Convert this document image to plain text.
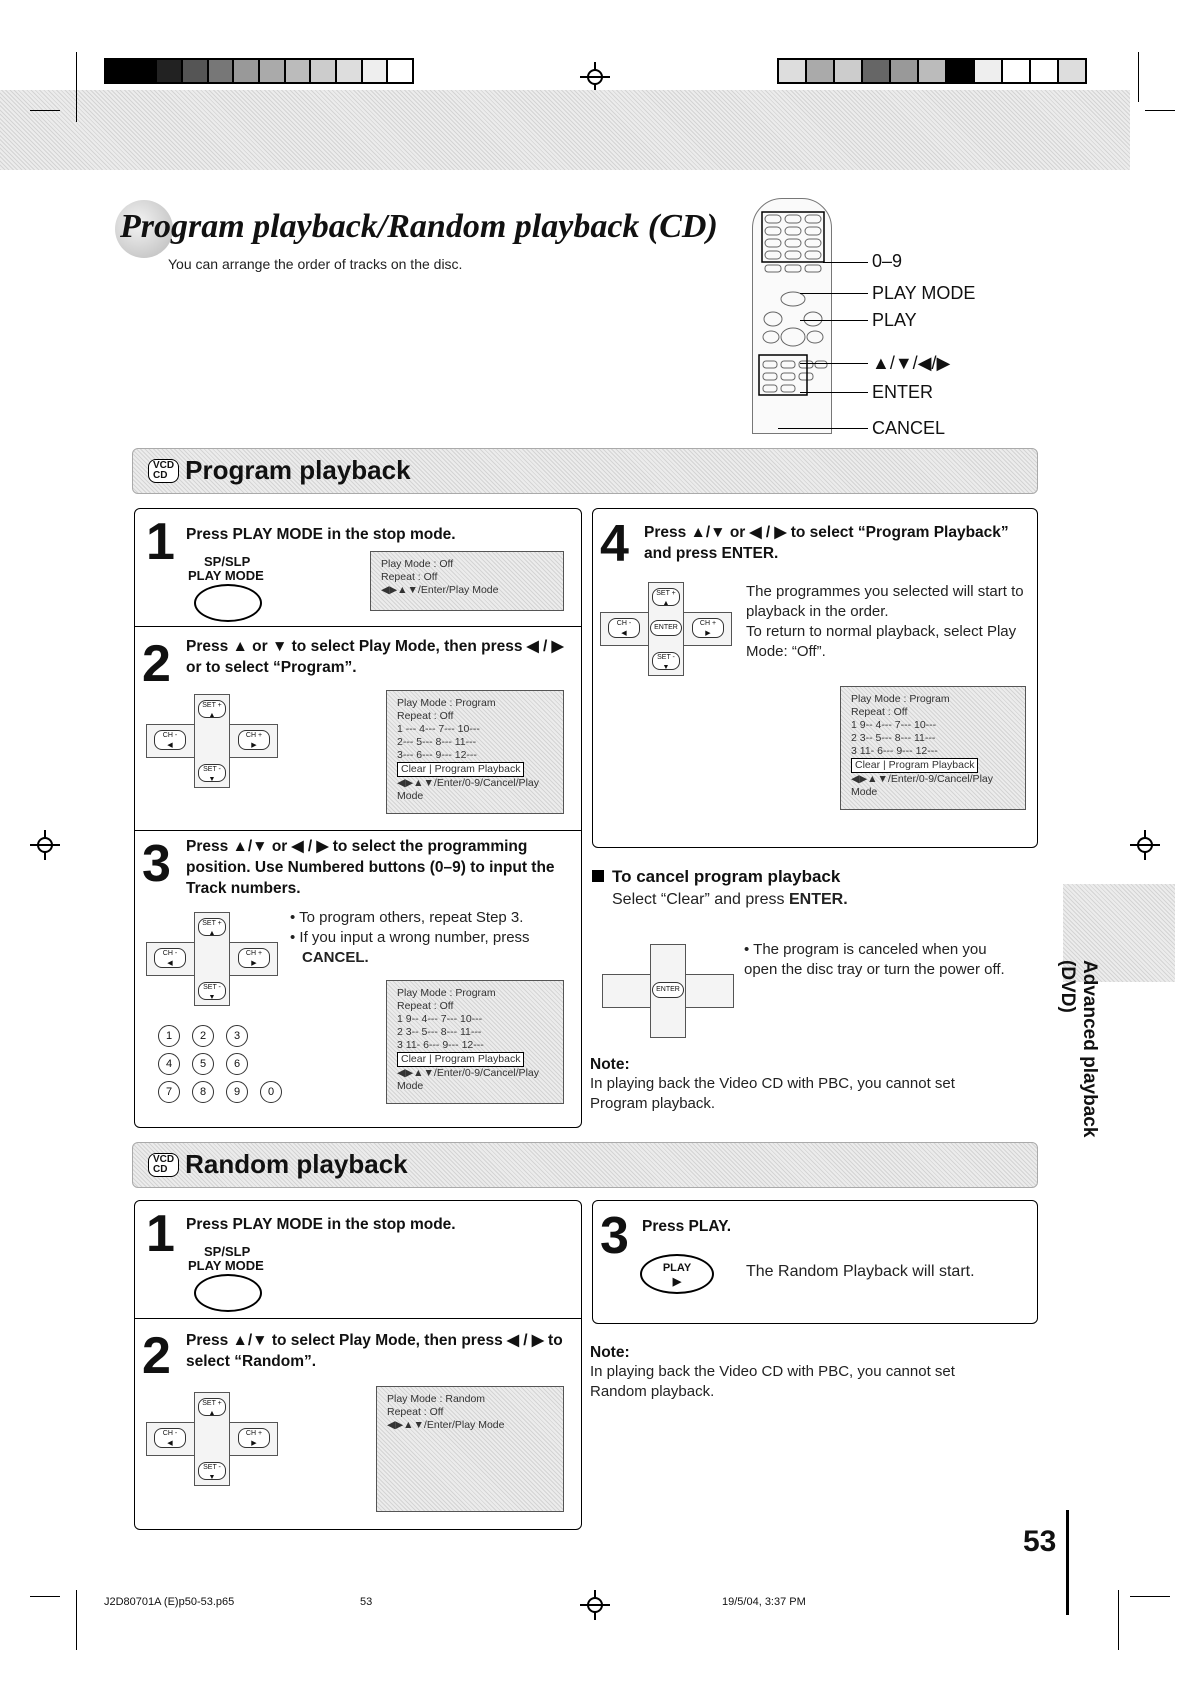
Program playback/Random playback (CD)
You can arrange the order of tracks on the disc.	0–9
PLAY MODE
PLAY
▲/▼/◀/▶
ENTER
CANCEL
VCD
CD Program playback
1 Press PLAY MODE in the stop mode.
SP/SLP
PLAY MODE
Play Mode : Off
Repeat : Off
◀▶▲▼/Enter/Play Mode
2 Press ▲ or ▼ to select Play Mode, then press ◀ / ▶ or to select “Program”.
SET +
▲
SET -
▼
CH -
◀
CH +
▶
Play Mode : Program
Repeat : Off
1 --- 4--- 7--- 10---
2--- 5--- 8--- 11---
3--- 6--- 9--- 12---
Clear | Program Playback
◀▶▲▼/Enter/0-9/Cancel/Play Mode
3 Press ▲/▼ or ◀ / ▶ to select the programming position. Use Numbered buttons (0–9) to input the Track numbers.
SET +
▲
SET -
▼
CH -
◀
CH +
▶
• To program others, repeat Step 3.
• If you input a wrong number, press
CANCEL.
1	2	3
4	5	6
7	8	9	0
Play Mode : Program
Repeat : Off
1 9-- 4--- 7--- 10---
2 3-- 5--- 8--- 11---
3 11- 6--- 9--- 12---
Clear | Program Playback
◀▶▲▼/Enter/0-9/Cancel/Play Mode
4 Press ▲/▼ or ◀ / ▶ to select “Program Playback” and press ENTER.
SET +
▲
SET -
▼
CH -
◀
CH +
▶
ENTER
The programmes you selected will start to playback in the order.
To return to normal playback, select Play Mode: “Off”.
Play Mode : Program
Repeat : Off
1 9-- 4--- 7--- 10---
2 3-- 5--- 8--- 11---
3 11- 6--- 9--- 12---
Clear | Program Playback
◀▶▲▼/Enter/0-9/Cancel/Play Mode
To cancel program playback
Select “Clear” and press ENTER.
ENTER
• The program is canceled when you open the disc tray or turn the power off.
Note:
In playing back the Video CD with PBC, you cannot set Program playback.
VCD
CD Random playback
1 Press PLAY MODE in the stop mode.
SP/SLP
PLAY MODE
2 Press ▲/▼ to select Play Mode, then press ◀ / ▶ to select “Random”.
SET +
▲
SET -
▼
CH -
◀
CH +
▶
Play Mode : Random
Repeat : Off
◀▶▲▼/Enter/Play Mode
3 Press PLAY.
PLAY
▶
The Random Playback will start.
Note:
In playing back the Video CD with PBC, you cannot set Random playback.
Advanced playback (DVD)
53
J2D80701A (E)p50-53.p65	53	19/5/04, 3:37 PM
